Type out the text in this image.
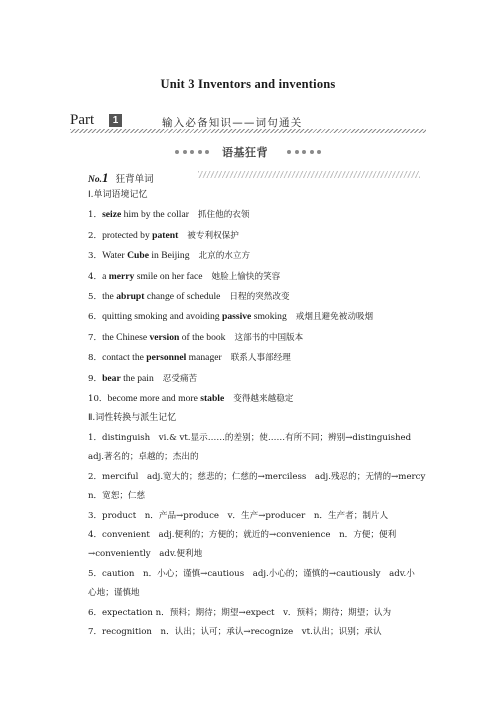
Unit 3 Inventors and inventions
Part	1	输入必备知识——词句通关
语基狂背
No.1 狂背单词
Ⅰ.单词语境记忆
1．seize him by the collar 抓住他的衣领
2．protected by patent 被专利权保护
3．Water Cube in Beijing 北京的水立方
4．a merry smile on her face 她脸上愉快的笑容
5．the abrupt change of schedule 日程的突然改变
6．quitting smoking and avoiding passive smoking 戒烟且避免被动吸烟
7．the Chinese version of the book 这部书的中国版本
8．contact the personnel manager 联系人事部经理
9．bear the pain 忍受痛苦
10．become more and more stable 变得越来越稳定
Ⅱ.词性转换与派生记忆
1．distinguish　vi.& vt.显示……的差别；使……有所不同；辨别→distinguished
adj.著名的；卓越的；杰出的
2．merciful　adj.宽大的；慈悲的；仁慈的→merciless　adj.残忍的；无情的→mercy
n．宽恕；仁慈
3．product　n．产品→produce　v．生产→producer　n．生产者；制片人
4．convenient　adj.便利的；方便的；就近的→convenience　n．方便；便利
→conveniently　adv.便利地
5．caution　n．小心；谨慎→cautious　adj.小心的；谨慎的→cautiously　adv.小
心地；谨慎地
6．expectation n．预料；期待；期望→expect　v．预料；期待；期望；认为
7．recognition　n．认出；认可；承认→recognize　vt.认出；识别；承认
